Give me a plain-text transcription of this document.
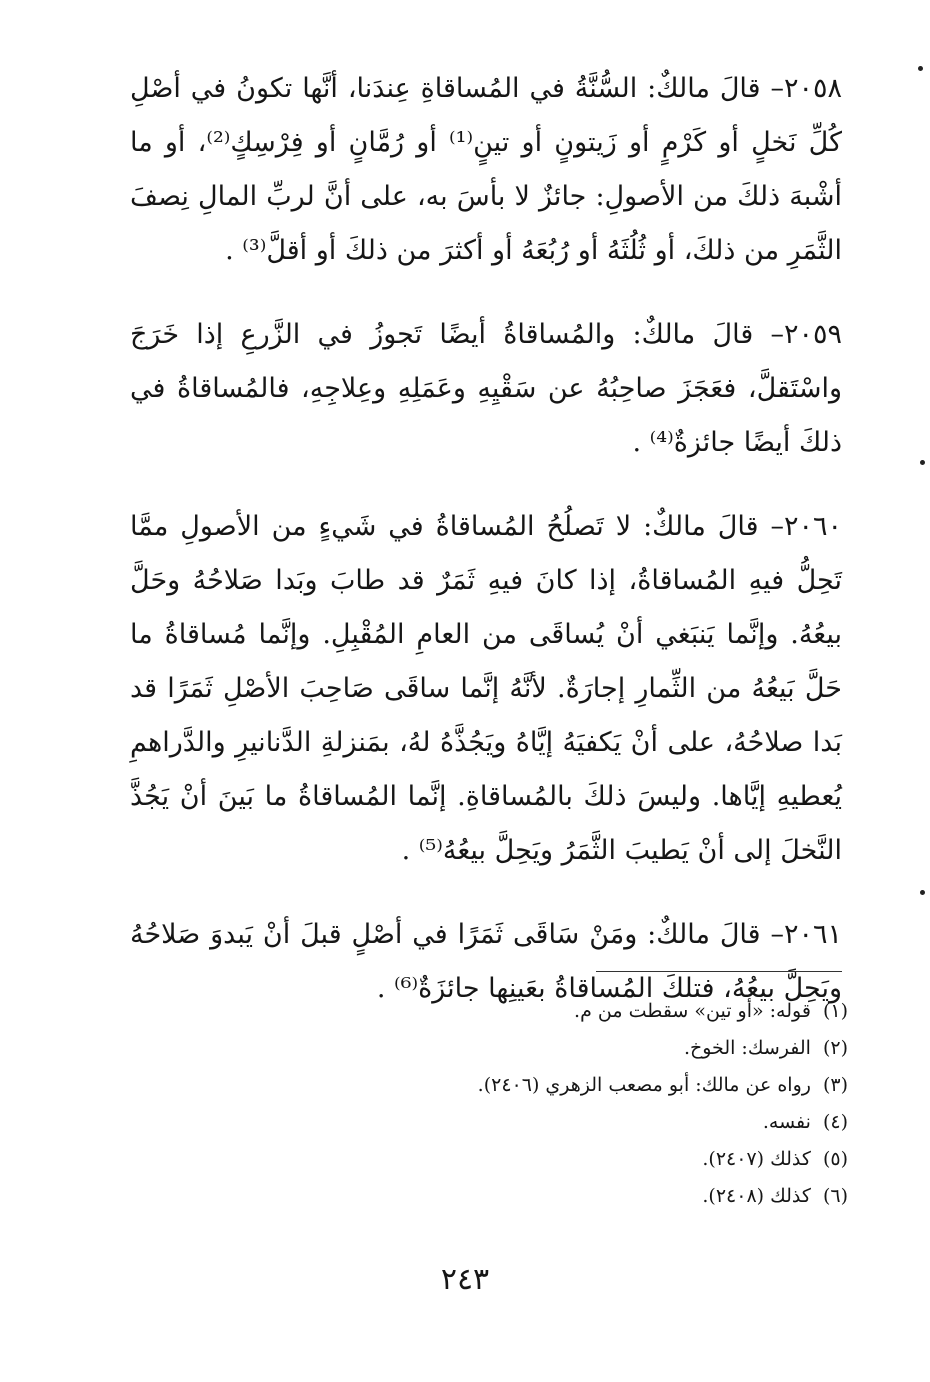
٢٠٥٨– قالَ مالكٌ: السُّنَّةُ في المُساقاةِ عِندَنا، أنَّها تكونُ في أصْلِ كُلِّ نَخلٍ أو كَرْمٍ أو زَيتونٍ أو تينٍ⁽¹⁾ أو رُمَّانٍ أو فِرْسِكٍ⁽²⁾، أو ما أشْبهَ ذلكَ من الأصولِ: جائزٌ لا بأسَ به، على أنَّ لربِّ المالِ نِصفَ الثَّمَرِ من ذلكَ، أو ثُلُثَهُ أو رُبُعَهُ أو أكثرَ من ذلكَ أو أقلَّ⁽³⁾ .

٢٠٥٩– قالَ مالكٌ: والمُساقاةُ أيضًا تَجوزُ في الزَّرعِ إذا خَرَجَ واسْتَقلَّ، فعَجَزَ صاحِبُهُ عن سَقْيِهِ وعَمَلِهِ وعِلاجِهِ، فالمُساقاةُ في ذلكَ أيضًا جائزةٌ⁽⁴⁾ .

٢٠٦٠– قالَ مالكٌ: لا تَصلُحُ المُساقاةُ في شَيءٍ من الأصولِ ممَّا تَحِلُّ فيهِ المُساقاةُ، إذا كانَ فيهِ ثَمَرٌ قد طابَ وبَدا صَلاحُهُ وحَلَّ بيعُهُ. وإنَّما يَنبَغي أنْ يُساقَى من العامِ المُقْبِلِ. وإنَّما مُساقاةُ ما حَلَّ بَيعُهُ من الثِّمارِ إجارَةٌ. لأنَّهُ إنَّما ساقَى صَاحِبَ الأصْلِ ثَمَرًا قد بَدا صلاحُهُ، على أنْ يَكفيَهُ إيَّاهُ ويَجُذَّهُ لهُ، بمَنزلةِ الدَّنانيرِ والدَّراهمِ يُعطيهِ إيَّاها. وليسَ ذلكَ بالمُساقاةِ. إنَّما المُساقاةُ ما بَينَ أنْ يَجُذَّ النَّخلَ إلى أنْ يَطيبَ الثَّمَرُ ويَحِلَّ بيعُهُ⁽⁵⁾ .

٢٠٦١– قالَ مالكٌ: ومَنْ سَاقَى ثَمَرًا في أصْلٍ قبلَ أنْ يَبدوَ صَلاحُهُ ويَحِلَّ بيعُهُ، فتلكَ المُساقاةُ بعَينِها جائزَةٌ⁽⁶⁾ .

(١)قوله: «أو تين» سقطت من م.
(٢)الفرسك: الخوخ.
(٣)رواه عن مالك: أبو مصعب الزهري (٢٤٠٦).
(٤)نفسه.
(٥)كذلك (٢٤٠٧).
(٦)كذلك (٢٤٠٨).
٢٤٣
